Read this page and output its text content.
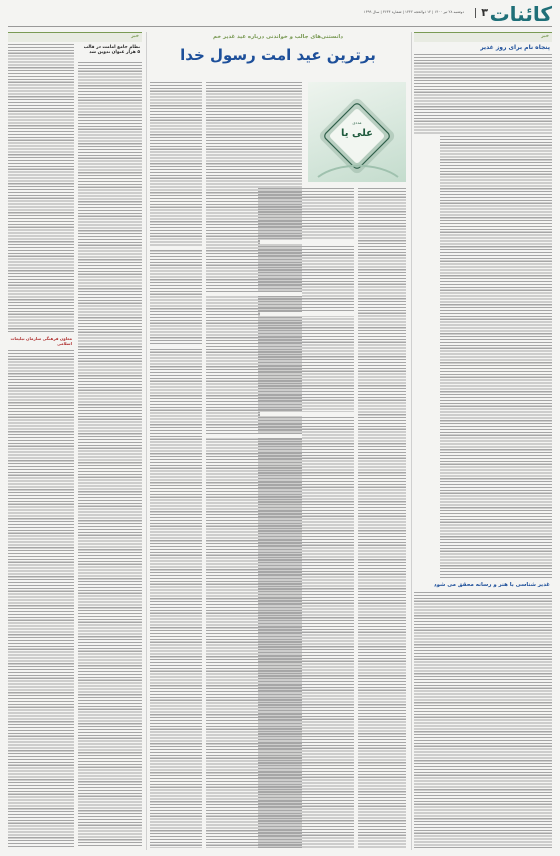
کائنات
۳
دوشنبه ۲۸ تیر ۱۴۰۰ | ۱۴ ذوالحجه ۱۴۴۲ | شماره ۳۶۴۴ | سال ۱۳۹۹
خبر
پنجاه نام برای روز غدیر
غدیر شناسی با هنر و رسانه محقق می شود
دانستنی‌های جالب و خواندنی درباره عید غدیر خم
برترین عید امت رسول خدا
علی یا
مددی
خبر
نظام جامع امامت در قالب ۵ هزار عنوان تدوین شد
معاون فرهنگی سازمان تبلیغات اسلامی
